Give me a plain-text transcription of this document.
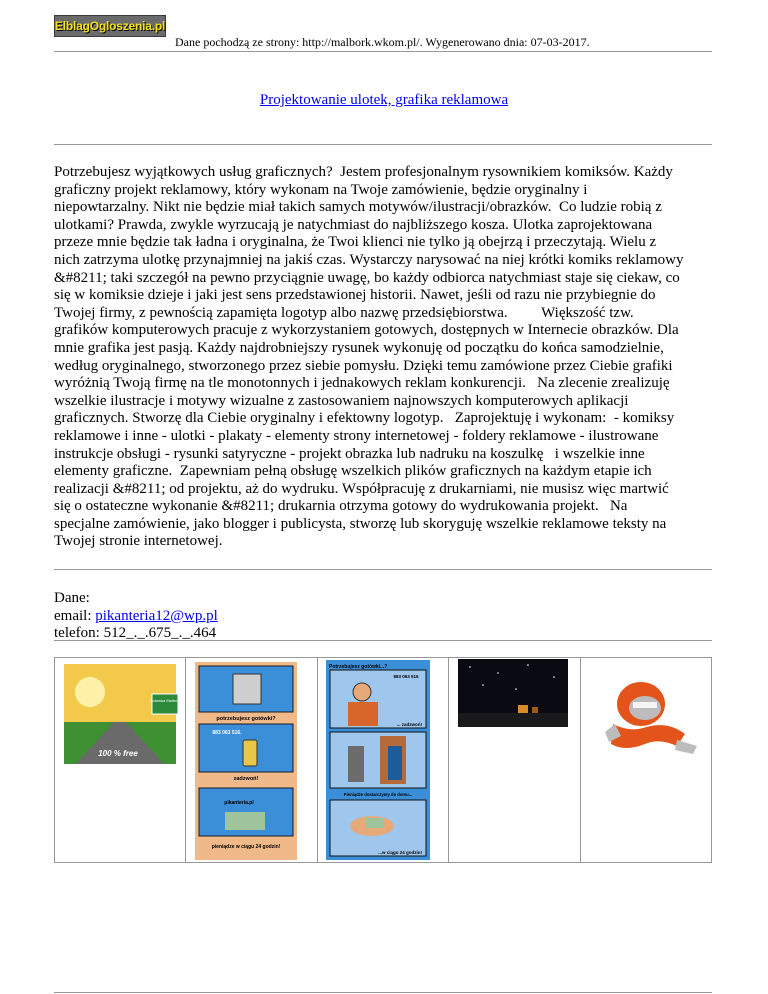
ElblagOgloszenia.pl
Dane pochodzą ze strony: http://malbork.wkom.pl/. Wygenerowano dnia: 07-03-2017.
Projektowanie ulotek, grafika reklamowa
Potrzebujesz wyjątkowych usług graficznych?  Jestem profesjonalnym rysownikiem komiksów. Każdy
graficzny projekt reklamowy, który wykonam na Twoje zamówienie, będzie oryginalny i
niepowtarzalny. Nikt nie będzie miał takich samych motywów/ilustracji/obrazków.  Co ludzie robią z
ulotkami? Prawda, zwykle wyrzucają je natychmiast do najbliższego kosza. Ulotka zaprojektowana
przeze mnie będzie tak ładna i oryginalna, że Twoi klienci nie tylko ją obejrzą i przeczytają. Wielu z
nich zatrzyma ulotkę przynajmniej na jakiś czas. Wystarczy narysować na niej krótki komiks reklamowy
&#8211; taki szczegół na pewno przyciągnie uwagę, bo każdy odbiorca natychmiast staje się ciekaw, co
się w komiksie dzieje i jaki jest sens przedstawionej historii. Nawet, jeśli od razu nie przybiegnie do
Twojej firmy, z pewnością zapamięta logotyp albo nazwę przedsiębiorstwa.         Większość tzw.
grafików komputerowych pracuje z wykorzystaniem gotowych, dostępnych w Internecie obrazków. Dla
mnie grafika jest pasją. Każdy najdrobniejszy rysunek wykonuję od początku do końca samodzielnie,
według oryginalnego, stworzonego przez siebie pomysłu. Dzięki temu zamówione przez Ciebie grafiki
wyróżnią Twoją firmę na tle monotonnych i jednakowych reklam konkurencji.   Na zlecenie zrealizuję
wszelkie ilustracje i motywy wizualne z zastosowaniem najnowszych komputerowych aplikacji
graficznych. Stworzę dla Ciebie oryginalny i efektowny logotyp.   Zaprojektuję i wykonam:  - komiksy
reklamowe i inne - ulotki - plakaty - elementy strony internetowej - foldery reklamowe - ilustrowane
instrukcje obsługi - rysunki satyryczne - projekt obrazka lub nadruku na koszulkę   i wszelkie inne
elementy graficzne.  Zapewniam pełną obsługę wszelkich plików graficznych na każdym etapie ich
realizacji &#8211; od projektu, aż do wydruku. Współpracuję z drukarniami, nie musisz więc martwić
się o ostateczne wykonanie &#8211; drukarnia otrzyma gotowy do wydrukowania projekt.   Na
specjalne zamówienie, jako blogger i publicysta, stworzę lub skoryguję wszelkie reklamowe teksty na
Twojej stronie internetowej.
Dane:
email: pikanteria12@wp.pl
telefon: 512_._.675_._.464
Gotowka Malbork
100 % free
potrzebujesz gotówki?
883 063 516.
zadzwoń!
pikanteria.pl
pieniądze w ciągu 24 godzin!
Potrzebujesz gotówki...?
883 063 516
... zadzwoń!
Pieniądze dostarczymy do domu...
...w ciągu 24 godzin!
